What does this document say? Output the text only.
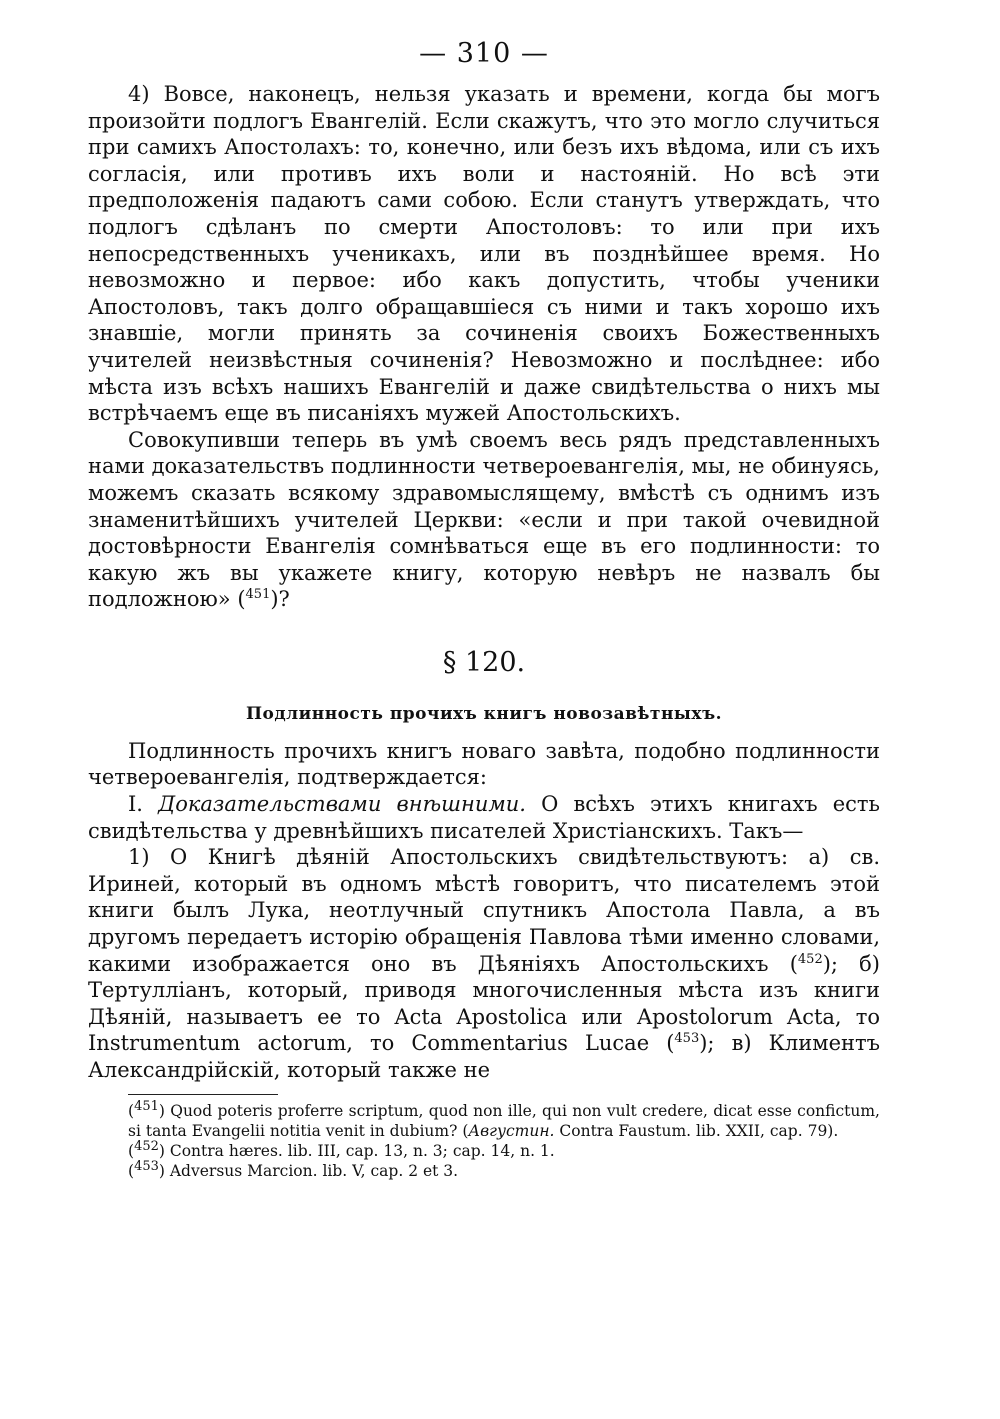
— 310 —

4) Вовсе, наконецъ, нельзя указать и времени, когда бы могъ произойти подлогъ Евангелій. Если скажутъ, что это могло случиться при самихъ Апостолахъ: то, конечно, или безъ ихъ вѣдома, или съ ихъ согласія, или противъ ихъ воли и настояній. Но всѣ эти предположенія падаютъ сами собою. Если станутъ утверждать, что подлогъ сдѣланъ по смерти Апостоловъ: то или при ихъ непосредственныхъ ученикахъ, или въ позднѣйшее время. Но невозможно и первое: ибо какъ допустить, чтобы ученики Апостоловъ, такъ долго обращавшіеся съ ними и такъ хорошо ихъ знавшіе, могли принять за сочиненія своихъ Божественныхъ учителей неизвѣстныя сочиненія? Невозможно и послѣднее: ибо мѣста изъ всѣхъ нашихъ Евангелій и даже свидѣтельства о нихъ мы встрѣчаемъ еще въ писаніяхъ мужей Апостольскихъ.

Совокупивши теперь въ умѣ своемъ весь рядъ представленныхъ нами доказательствъ подлинности четвероевангелія, мы, не обинуясь, можемъ сказать всякому здравомыслящему, вмѣстѣ съ однимъ изъ знаменитѣйшихъ учителей Церкви: «если и при такой очевидной достовѣрности Евангелія сомнѣваться еще въ его подлинности: то какую жъ вы укажете книгу, которую невѣръ не назвалъ бы подложною» ($^{451}$)?

§ 120.
Подлинность прочихъ книгъ новозавѣтныхъ.

Подлинность прочихъ книгъ новаго завѣта, подобно подлинности четвероевангелія, подтверждается:

I. Доказательствами внѣшними. О всѣхъ этихъ книгахъ есть свидѣтельства у древнѣйшихъ писателей Христіанскихъ. Такъ—

1) О Книгѣ дѣяній Апостольскихъ свидѣтельствуютъ: а) св. Ириней, который въ одномъ мѣстѣ говоритъ, что писателемъ этой книги былъ Лука, неотлучный спутникъ Апостола Павла, а въ другомъ передаетъ исторію обращенія Павлова тѣми именно словами, какими изображается оно въ Дѣяніяхъ Апостольскихъ ($^{452}$); б) Тертулліанъ, который, приводя многочисленныя мѣста изъ книги Дѣяній, называетъ ее то Acta Apostolica или Apostolorum Acta, то Instrumentum actorum, то Commentarius Lucae ($^{453}$); в) Климентъ Александрійскій, который также не

($^{451}$) Quod poteris proferre scriptum, quod non ille, qui non vult credere, dicat esse confictum, si tanta Evangelii notitia venit in dubium? (Августин. Contra Faustum. lib. XXII, cap. 79).

($^{452}$) Contra hæres. lib. III, cap. 13, n. 3; cap. 14, n. 1.

($^{453}$) Adversus Marcion. lib. V, cap. 2 et 3.
